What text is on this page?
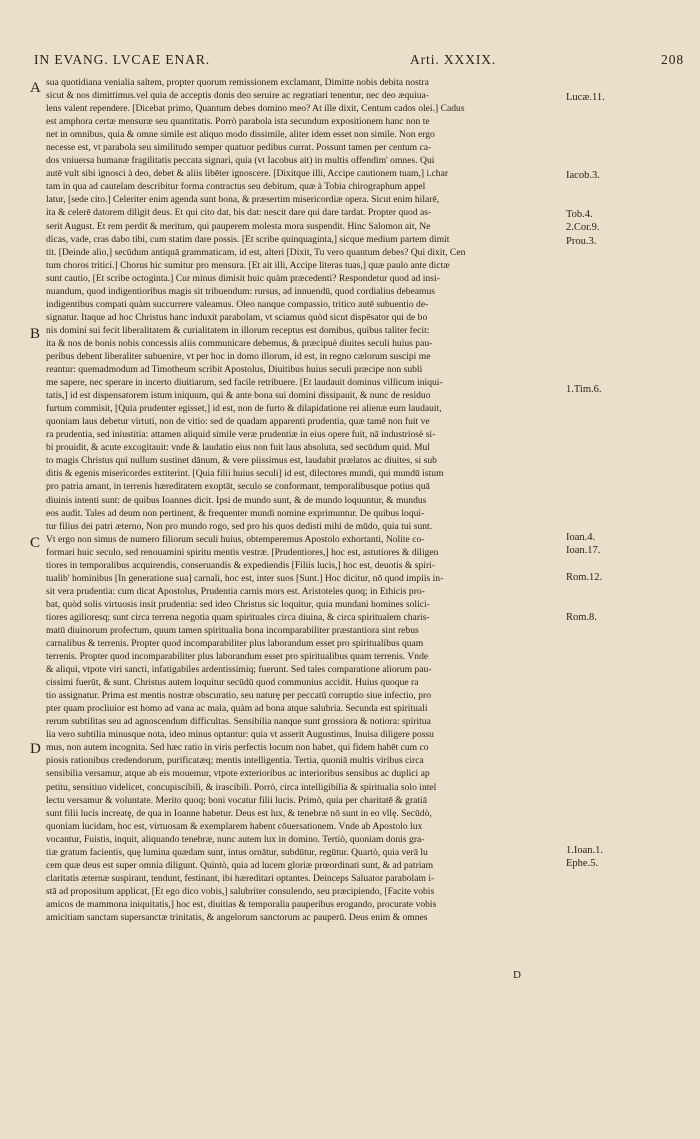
IN EVANG. LVCAE ENAR.	Arti. XXXIX.	208
A
B
C
D
Lucæ.11.
Iacob.3.
Tob.4.
2.Cor.9.
Prou.3.
1.Tim.6.
Ioan.4.
Ioan.17.
Rom.12.
Rom.8.
1.Ioan.1.
Ephe.5.
sua quotidiana venialia saltem, propter quorum remissionem exclamant, Dimitte nobis debita nostra
sicut & nos dimittimus.vel quia de acceptis donis deo seruire ac regratiari tenentur, nec deo æquiua-
lens valent rependere. [Dicebat primo, Quantum debes domino meo? At ille dixit, Centum cados olei.] Cadus
est amphora certæ mensuræ seu quantitatis. Porrò parabola ista secundum expositionem hanc non te
net in omnibus, quia & omne simile est aliquo modo dissimile, aliter idem esset non simile. Non ergo
necesse est, vt parabola seu similitudo semper quatuor pedibus currat. Possunt tamen per centum ca-
dos vniuersa humanæ fragilitatis peccata signari, quia (vt Iacobus ait) in multis offendim' omnes. Qui
autē vult sibi ignosci à deo, debet & aliis libēter ignoscere. [Dixitque illi, Accipe cautionem tuam,] i.char
tam in qua ad cautelam describitur forma contractus seu debitum, quæ à Tobia chirographum appel
latur, [sede cito.] Celeriter enim agenda sunt bona, & præsertim misericordiæ opera. Sicut enim hilarē,
ita & celerē datorem diligit deus. Et qui cito dat, bis dat: nescit dare qui dare tardat. Propter quod as-
serit August. Et rem perdit & meritum, qui pauperem molesta mora suspendit. Hinc Salomon ait, Ne
dicas, vade, cras dabo tibi, cum statim dare possis. [Et scribe quinquaginta,] sicque medium partem dimit
tit. [Deinde alio,] secūdum antiquā grammaticam, id est, alteri [Dixit, Tu vero quantum debes? Qui dixit, Cen
tum choros tritici.] Chorus hic sumitur pro mensura. [Et ait illi, Accipe literas tuas,] quæ paulo ante dictæ
sunt cautio, [Et scribe octoginta.] Cur minus dimisit huic quàm præcedenti? Respondetur quod ad insi-
nuandum, quod indigentioribus magis sit tribuendum: rursus, ad innuendū, quod cordialius debeamus
indigentibus compati quàm succurrere valeamus. Oleo nanque compassio, tritico autē subuentio de-
signatur. Itaque ad hoc Christus hanc induxit parabolam, vt sciamus quòd sicut dispēsator qui de bo
nis domini sui fecit liberalitatem & curialitatem in illorum receptus est domibus, quibus taliter fecit:
ita & nos de bonis nobis concessis aliis communicare debemus, & præcipuè diuites seculi huius pau-
peribus debent liberaliter subuenire, vt per hoc in domo illorum, id est, in regno cælorum suscipi me
reantur: quemadmodum ad Timotheum scribit Apostolus, Diuitibus huius seculi præcipe non subli
me sapere, nec sperare in incerto diuitiarum, sed facile retribuere. [Et laudauit dominus villicum iniqui-
tatis,] id est dispensatorem istum iniquum, qui & ante bona sui domini dissipauit, & nunc de residuo
furtum commisit, [Quia prudenter egisset,] id est, non de furto & dilapidatione rei alienæ eum laudauit,
quoniam laus debetur virtuti, non de vitio: sed de quadam apparenti prudentia, quæ tamē non fuit ve
ra prudentia, sed iniustitia: attamen aliquid simile veræ prudentiæ in eius opere fuit, nā industriosè si-
bi prouidit, & acute excogitauit: vnde & laudatio eius non fuit laus absoluta, sed secūdum quid. Mul
to magis Christus qui nullum sustinet dānum, & vere piissimus est, laudabit prælatos ac diuites, si sub
ditis & egenis misericordes extiterint. [Quia filii huius seculi] id est, dilectores mundi, qui mundū istum
pro patria amant, in terrenis hæreditatem exoptāt, seculo se conformant, temporalibusque potius quā
diuinis intenti sunt: de quibus Ioannes dicit. Ipsi de mundo sunt, & de mundo loquuntur, & mundus
eos audit. Tales ad deum non pertinent, & frequenter mundi nomine exprimuntur. De quibus loqui-
tur filius dei patri æterno, Non pro mundo rogo, sed pro his quos dedisti mihi de mūdo, quia tui sunt.
Vt ergo non simus de numero filiorum seculi huius, obtemperemus Apostolo exhortanti, Nolite co-
formari huic seculo, sed renouamini spiritu mentis vestræ. [Prudentiores,] hoc est, astutiores & diligen
tiores in temporalibus acquirendis, conseruandis & expediendis [Filiis lucis,] hoc est, deuotis & spiri-
tualib' hominibus [In generatione sua] carnali, hoc est, inter suos [Sunt.] Hoc dicitur, nō quod impiis in-
sit vera prudentia: cum dicat Apostolus, Prudentia carnis mors est. Aristoteles quoq; in Ethicis pro-
bat, quòd solis virtuosis insit prudentia: sed ideo Christus sic loquitur, quia mundani homines solici-
tiores agilioresq; sunt circa terrena negotia quam spirituales circa diuina, & circa spiritualem charis-
matū diuinorum profectum, quum tamen spiritualia bona incomparabiliter præstantiora sint rebus
carnalibus & terrenis. Propter quod incomparabiliter plus laborandum esset pro spiritualibus quam
terrenis. Propter quod incomparabiliter plus laborandum esset pro spiritualibus quam terrenis. Vnde
& aliqui, vtpote viri sancti, infatigabiles ardentissimiq; fuerunt. Sed tales comparatione aliorum pau-
cissimi fuerūt, & sunt. Christus autem loquitur secūdū quod communius accidit. Huius quoque ra
tio assignatur. Prima est mentis nostræ obscuratio, seu naturę per peccatū corruptio siue infectio, pro
pter quam procliuior est homo ad vana ac mala, quàm ad bona atque salubria. Secunda est spirituali
rerum subtilitas seu ad agnoscendum difficultas. Sensibilia nanque sunt grossiora & notiora: spiritua
lia vero subtilia minusque nota, ideo minus optantur: quia vt asserit Augustinus, Inuisa diligere possu
mus, non autem incognita. Sed hæc ratio in viris perfectis locum non habet, qui fidem habēt cum co
piosis rationibus credendorum, purificatæq; mentis intelligentia. Tertia, quoniā multis viribus circa
sensibilia versamur, atque ab eis mouemur, vtpote exterioribus ac interioribus sensibus ac duplici ap
petitu, sensitiuo videlicet, concupiscibili, & irascibili. Porrò, circa intelligibilia & spiritualia solo intel
lectu versamur & voluntate. Merito quoq; boni vocatur filii lucis. Primò, quia per charitatē & gratiā
sunt filii lucis increatę, de qua in Ioanne habetur. Deus est lux, & tenebræ nō sunt in eo vllę. Secūdò,
quoniam lucidam, hoc est, virtuosam & exemplarem habent cōuersationem. Vnde ab Apostolo lux
vocantur, Fuistis, inquit, aliquando tenebræ, nunc autem lux in domino. Tertiò, quoniam donis gra-
tiæ gratum facientis, quę lumina quædam sunt, intus ornātur, subdūtur, regūtur. Quartò, quia verā lu
cem quæ deus est super omnia diligunt. Quintò, quia ad lucem gloriæ prœordinati sunt, & ad patriam
claritatis æternæ suspirant, tendunt, festinant, ibi hæreditari optantes. Deinceps Saluator parabolam i-
stā ad propositum applicat, [Et ego dico vobis,] salubriter consulendo, seu præcipiendo, [Facite vobis
amicos de mammona iniquitatis,] hoc est, diuitias & temporalia pauperibus erogando, procurate vobis
amicitiam sanctam supersanctæ trinitatis, & angelorum sanctorum ac pauperū. Deus enim & omnes
D
